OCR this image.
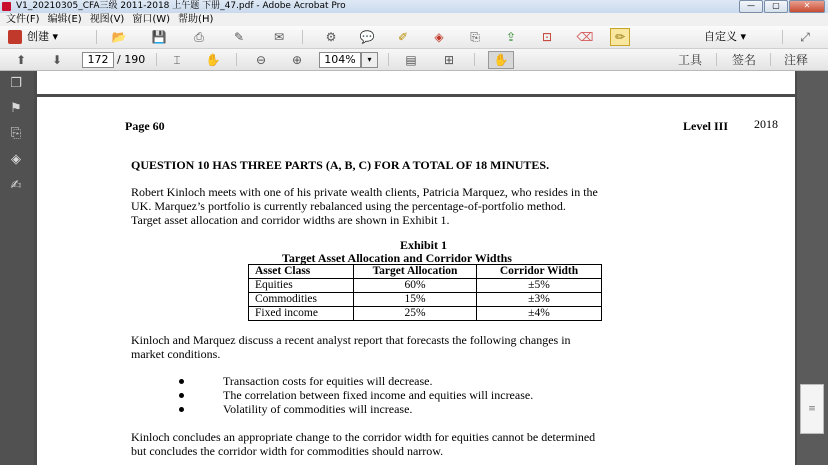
V1_20210305_CFA三级 2011-2018 上午题 下册_47.pdf - Adobe Acrobat Pro	—	▢	✕
文件(F) 编辑(E) 视图(V) 窗口(W) 帮助(H)
创建 ▾	📂 💾	⎙	✎	✉	⚙	💬	✐	◈	⎘	⇪	⊡	⌫	✏	自定义 ▾	⤢
⬆	⬇	172 / 190	⌶	✋	⊖	⊕	104%	▾	▤	⊞	✋	工具 签名 注释
❐
⚑
⎘
◈
✍
Page 60	Level III 2018
QUESTION 10 HAS THREE PARTS (A, B, C) FOR A TOTAL OF 18 MINUTES.
Robert Kinloch meets with one of his private wealth clients, Patricia Marquez, who resides in the
UK. Marquez’s portfolio is currently rebalanced using the percentage-of-portfolio method.
Target asset allocation and corridor widths are shown in Exhibit 1.
Exhibit 1
Target Asset Allocation and Corridor Widths
Asset Class	Target Allocation	Corridor Width
Equities	60%	±5%
Commodities	15%	±3%
Fixed income	25%	±4%
Kinloch and Marquez discuss a recent analyst report that forecasts the following changes in
market conditions.
Transaction costs for equities will decrease.
The correlation between fixed income and equities will increase.
Volatility of commodities will increase.
Kinloch concludes an appropriate change to the corridor width for equities cannot be determined
but concludes the corridor width for commodities should narrow.
≡
